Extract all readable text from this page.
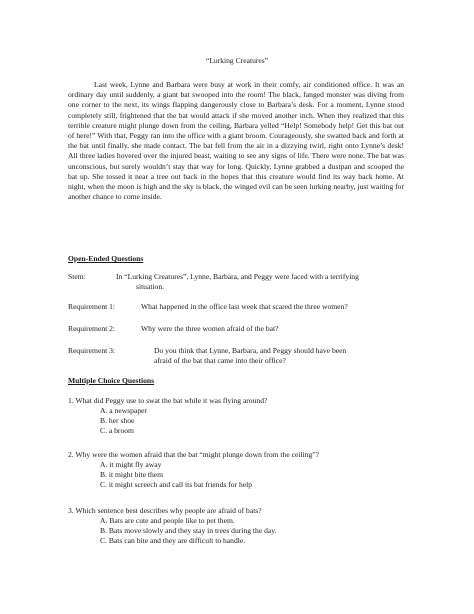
“Lurking Creatures”
Last week, Lynne and Barbara were busy at work in their comfy, air conditioned office. It was an ordinary day until suddenly, a giant bat swooped into the room! The black, fanged monster was diving from one corner to the next, its wings flapping dangerously close to Barbara’s desk. For a moment, Lynne stood completely still, frightened that the bat would attack if she moved another inch. When they realized that this terrible creature might plunge down from the ceiling, Barbara yelled “Help! Somebody help! Get this bat out of here!” With that, Peggy ran into the office with a giant broom. Courageously, she swatted back and forth at the bat until finally, she made contact. The bat fell from the air in a dizzying twirl, right onto Lynne’s desk! All three ladies hovered over the injured beast, waiting to see any signs of life. There were none. The bat was unconscious, but surely wouldn’t stay that way for long. Quickly, Lynne grabbed a dustpan and scooped the bat up. She tossed it near a tree out back in the hopes that this creature would find its way back home. At night, when the moon is high and the sky is black, the winged evil can be seen lurking nearby, just waiting for another chance to come inside.
Open-Ended Questions
Stem:	In “Lurking Creatures”, Lynne, Barbara, and Peggy were faced with a terrifying
situation.
Requirement 1:	What happened in the office last week that scared the three women?
Requirement 2:	Why were the three women afraid of the bat?
Requirement 3:	Do you think that Lynne, Barbara, and Peggy should have been
afraid of the bat that came into their office?
Multiple Choice Questions
1. What did Peggy use to swat the bat while it was flying around?
A. a newspaper
B. her shoe
C. a broom
2. Why were the women afraid that the bat “might plunge down from the ceiling”?
A. it might fly away
B. it might bite them
C. it might screech and call its bat friends for help
3. Which sentence best describes why people are afraid of bats?
A. Bats are cute and people like to pet them.
B. Bats move slowly and they stay in trees during the day.
C. Bats can bite and they are difficult to handle.
